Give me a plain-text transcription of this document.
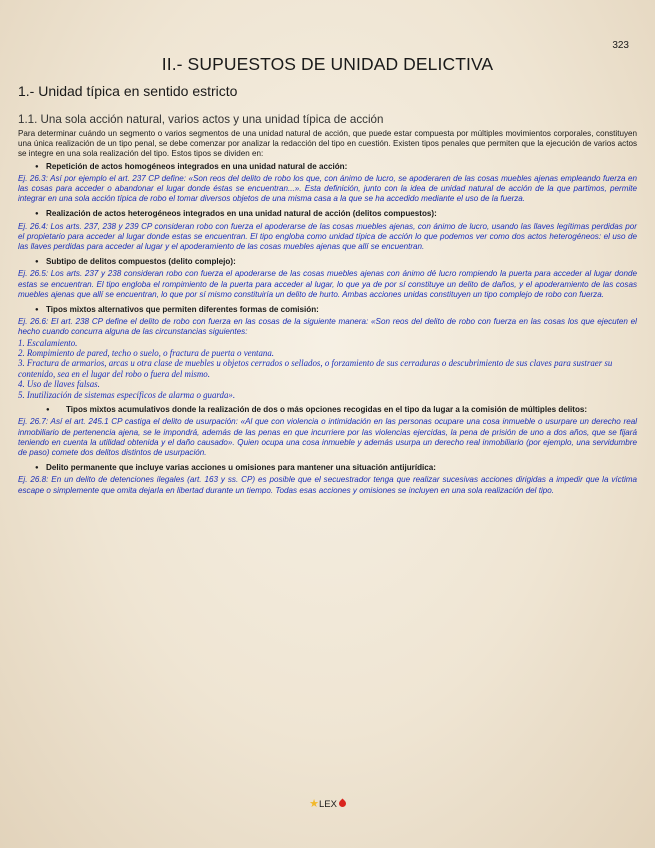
323
II.- SUPUESTOS DE UNIDAD DELICTIVA
1.- Unidad típica en sentido estricto
1.1. Una sola acción natural, varios actos y una unidad típica de acción

Para determinar cuándo un segmento o varios segmentos de una unidad natural de acción, que puede estar compuesta por múltiples movimientos corporales, constituyen una única realización de un tipo penal, se debe comenzar por analizar la redacción del tipo en cuestión. Existen tipos penales que permiten que la ejecución de varios actos se integre en una sola realización del tipo. Estos tipos se dividen en:

● Repetición de actos homogéneos integrados en una unidad natural de acción:

Ej. 26.3: Así por ejemplo el art. 237 CP define: «Son reos del delito de robo los que, con ánimo de lucro, se apoderaren de las cosas muebles ajenas empleando fuerza en las cosas para acceder o abandonar el lugar donde éstas se encuentran...». Esta definición, junto con la idea de unidad natural de acción de la que partimos, permite integrar en una sola acción típica de robo el tomar diversos objetos de una misma casa a la que se ha accedido mediante el uso de la fuerza.

● Realización de actos heterogéneos integrados en una unidad natural de acción (delitos compuestos):

Ej. 26.4: Los arts. 237, 238 y 239 CP consideran robo con fuerza el apoderarse de las cosas muebles ajenas, con ánimo de lucro, usando las llaves legítimas perdidas por el propietario para acceder al lugar donde estas se encuentran. El tipo engloba como unidad típica de acción lo que podemos ver como dos actos heterogéneos: el uso de las llaves perdidas para acceder al lugar y el apoderamiento de las cosas muebles ajenas que allí se encuentran.

● Subtipo de delitos compuestos (delito complejo):

Ej. 26.5: Los arts. 237 y 238 consideran robo con fuerza el apoderarse de las cosas muebles ajenas con ánimo dé lucro rompiendo la puerta para acceder al lugar donde estas se encuentran. El tipo engloba el rompimiento de la puerta para acceder al lugar, lo que ya de por sí constituye un delito de daños, y el apoderamiento de las cosas muebles ajenas que allí se encuentran, lo que por sí mismo constituiría un delito de hurto. Ambas acciones unidas constituyen un tipo complejo de robo con fuerza.

● Tipos mixtos alternativos que permiten diferentes formas de comisión:

Ej. 26.6: El art. 238 CP define el delito de robo con fuerza en las cosas de la siguiente manera: «Son reos del delito de robo con fuerza en las cosas los que ejecuten el hecho cuando concurra alguna de las circunstancias siguientes:

1. Escalamiento.

2. Rompimiento de pared, techo o suelo, o fractura de puerta o ventana.

3. Fractura de armarios, arcas u otra clase de muebles u objetos cerrados o sellados, o forzamiento de sus cerraduras o descubrimiento de sus claves para sustraer su contenido, sea en el lugar del robo o fuera del mismo.

4. Uso de llaves falsas.

5. Inutilización de sistemas específicos de alarma o guarda».

● Tipos mixtos acumulativos donde la realización de dos o más opciones recogidas en el tipo da lugar a la comisión de múltiples delitos:

Ej. 26.7: Así el art. 245.1 CP castiga el delito de usurpación: «Al que con violencia o intimidación en las personas ocupare una cosa inmueble o usurpare un derecho real inmobiliario de pertenencia ajena, se le impondrá, además de las penas en que incurriere por las violencias ejercidas, la pena de prisión de uno a dos años, que se fijará teniendo en cuenta la utilidad obtenida y el daño causado». Quien ocupa una cosa inmueble y además usurpa un derecho real inmobiliario (por ejemplo, una servidumbre de paso) comete dos delitos distintos de usurpación.

● Delito permanente que incluye varias acciones u omisiones para mantener una situación antijurídica:

Ej. 26.8: En un delito de detenciones ilegales (art. 163 y ss. CP) es posible que el secuestrador tenga que realizar sucesivas acciones dirigidas a impedir que la víctima escape o simplemente que omita dejarla en libertad durante un tiempo. Todas esas acciones y omisiones se incluyen en una sola realización del tipo.

★LEX
